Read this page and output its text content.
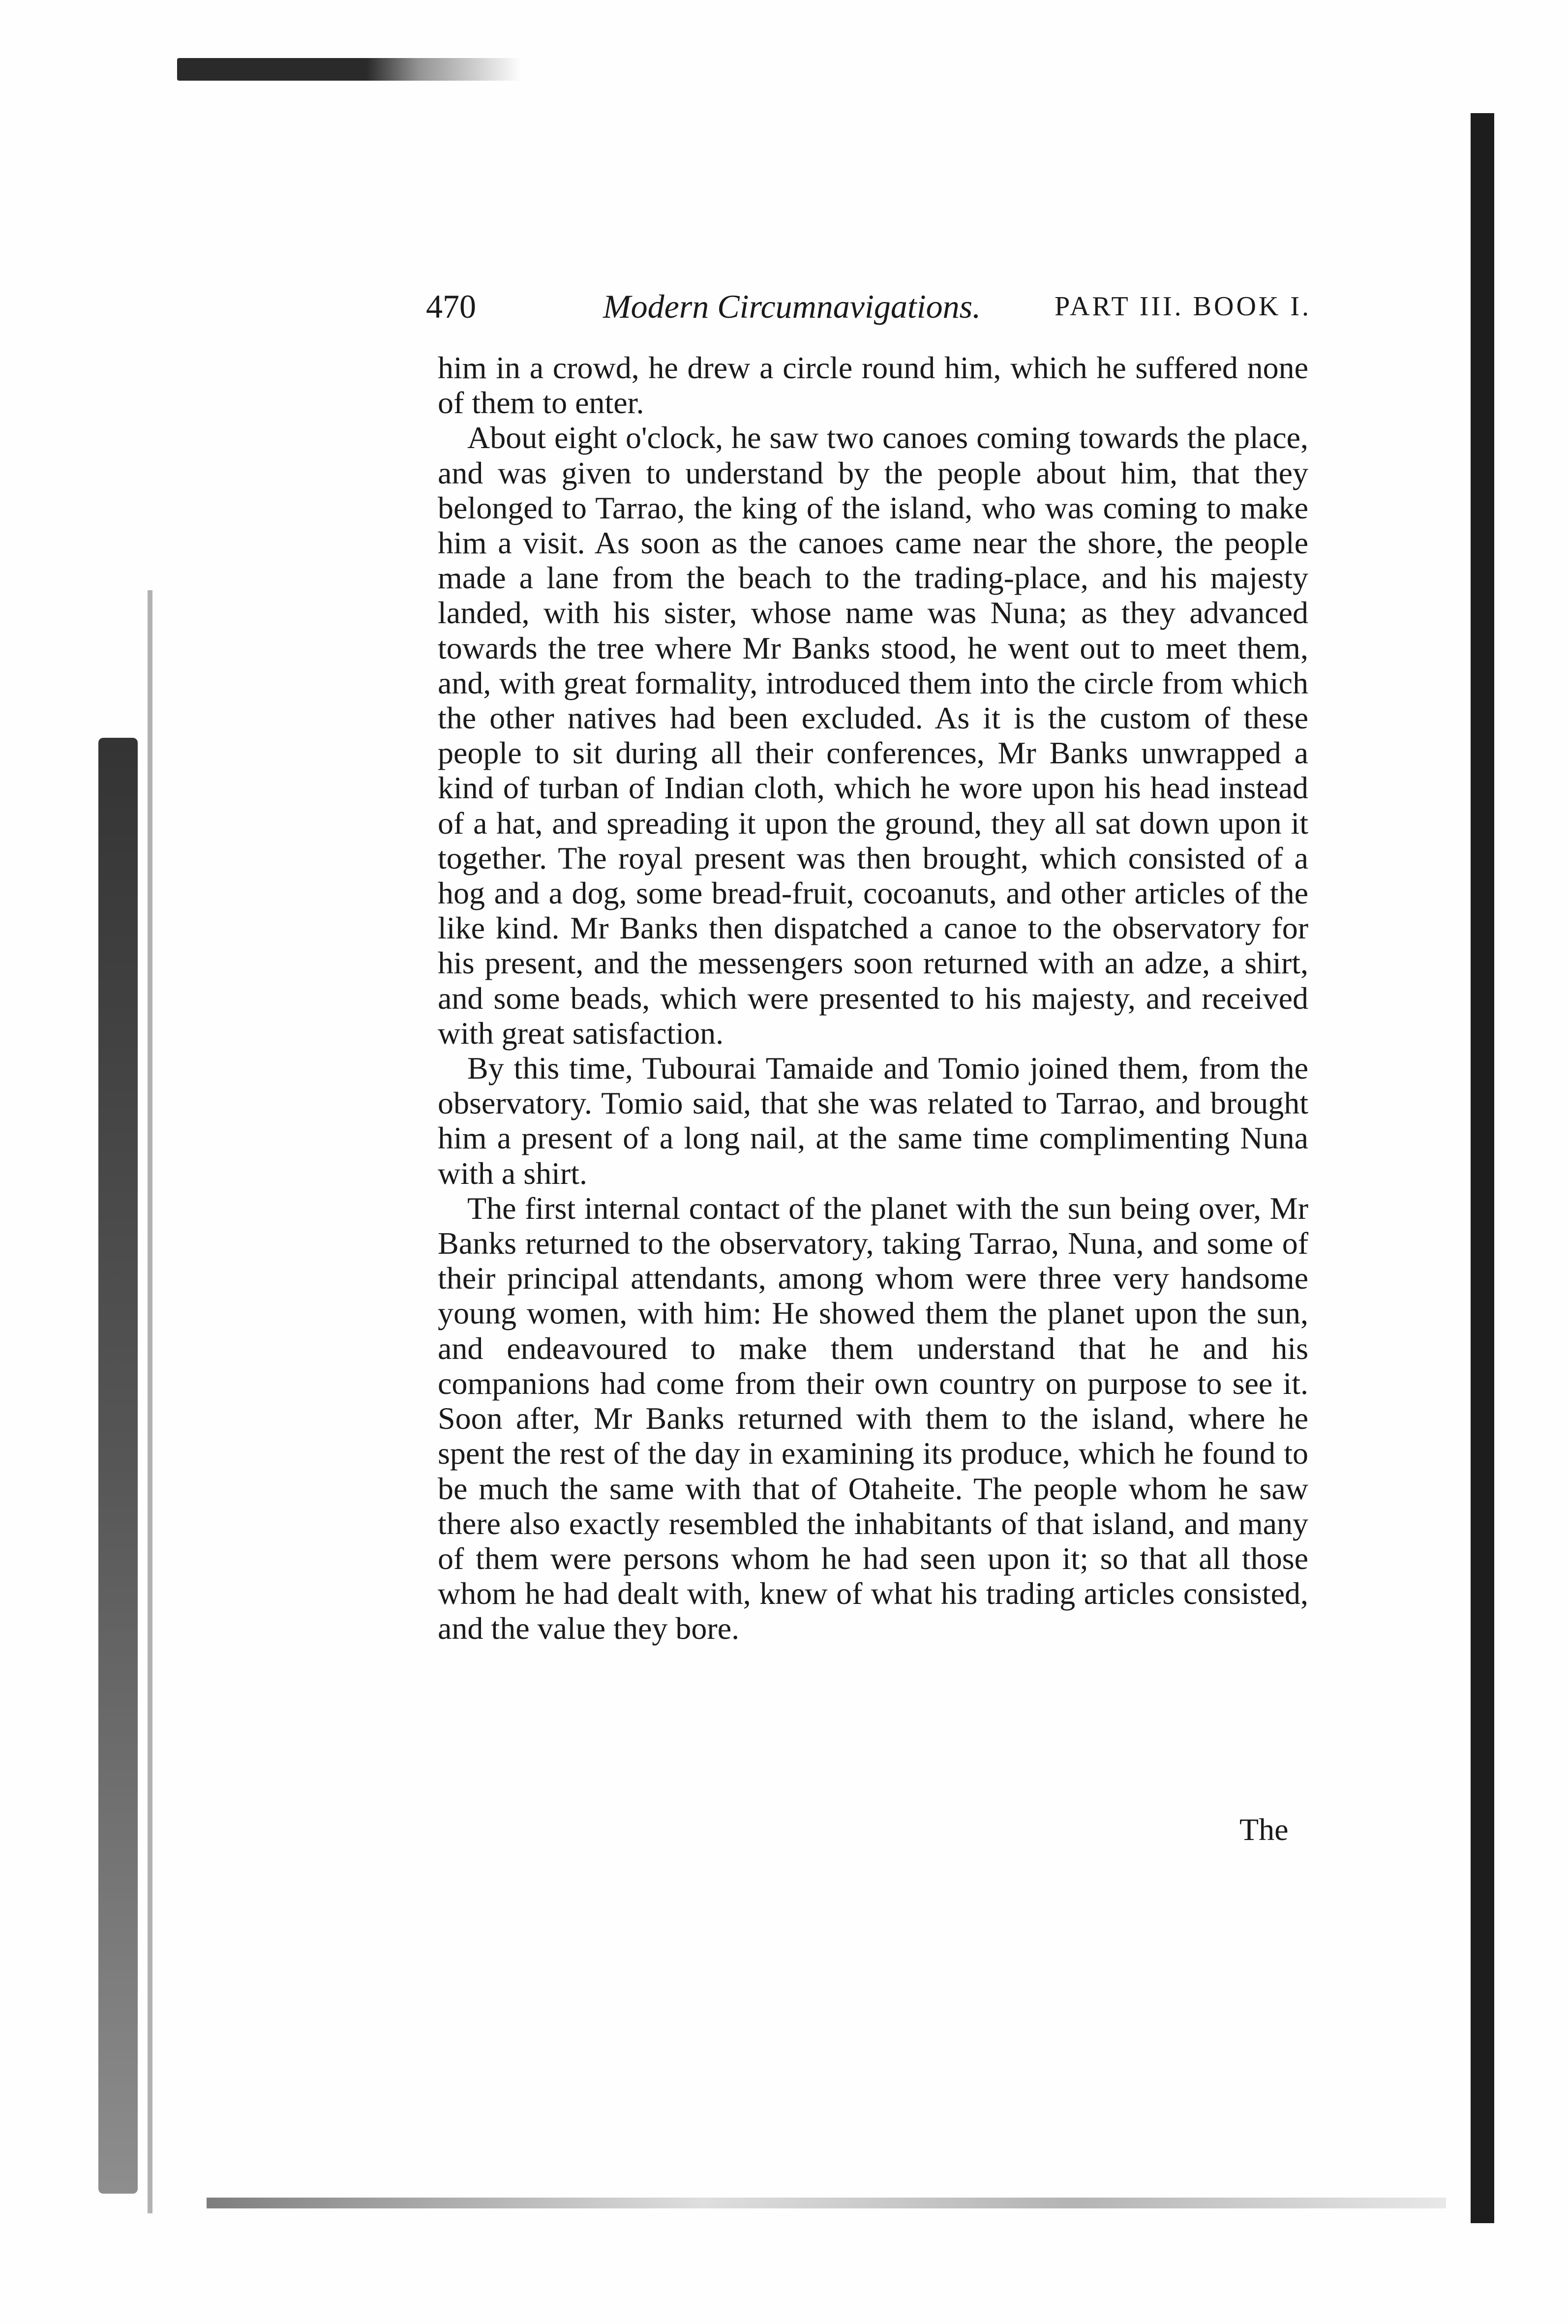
470	Modern Circumnavigations.	PART III. BOOK I.

him in a crowd, he drew a circle round him, which he suffered none of them to enter.

About eight o'clock, he saw two canoes coming towards the place, and was given to understand by the people about him, that they belonged to Tarrao, the king of the island, who was coming to make him a visit. As soon as the canoes came near the shore, the people made a lane from the beach to the trading-place, and his majesty landed, with his sister, whose name was Nuna; as they advanced towards the tree where Mr Banks stood, he went out to meet them, and, with great formality, introduced them into the circle from which the other natives had been excluded. As it is the custom of these people to sit during all their conferences, Mr Banks unwrapped a kind of turban of Indian cloth, which he wore upon his head instead of a hat, and spreading it upon the ground, they all sat down upon it together. The royal present was then brought, which consisted of a hog and a dog, some bread-fruit, cocoanuts, and other articles of the like kind. Mr Banks then dispatched a canoe to the observatory for his present, and the messengers soon returned with an adze, a shirt, and some beads, which were presented to his majesty, and received with great satisfaction.

By this time, Tubourai Tamaide and Tomio joined them, from the observatory. Tomio said, that she was related to Tarrao, and brought him a present of a long nail, at the same time complimenting Nuna with a shirt.

The first internal contact of the planet with the sun being over, Mr Banks returned to the observatory, taking Tarrao, Nuna, and some of their principal attendants, among whom were three very handsome young women, with him: He showed them the planet upon the sun, and endeavoured to make them understand that he and his companions had come from their own country on purpose to see it. Soon after, Mr Banks returned with them to the island, where he spent the rest of the day in examining its produce, which he found to be much the same with that of Otaheite. The people whom he saw there also exactly resembled the inhabitants of that island, and many of them were persons whom he had seen upon it; so that all those whom he had dealt with, knew of what his trading articles consisted, and the value they bore.

The
